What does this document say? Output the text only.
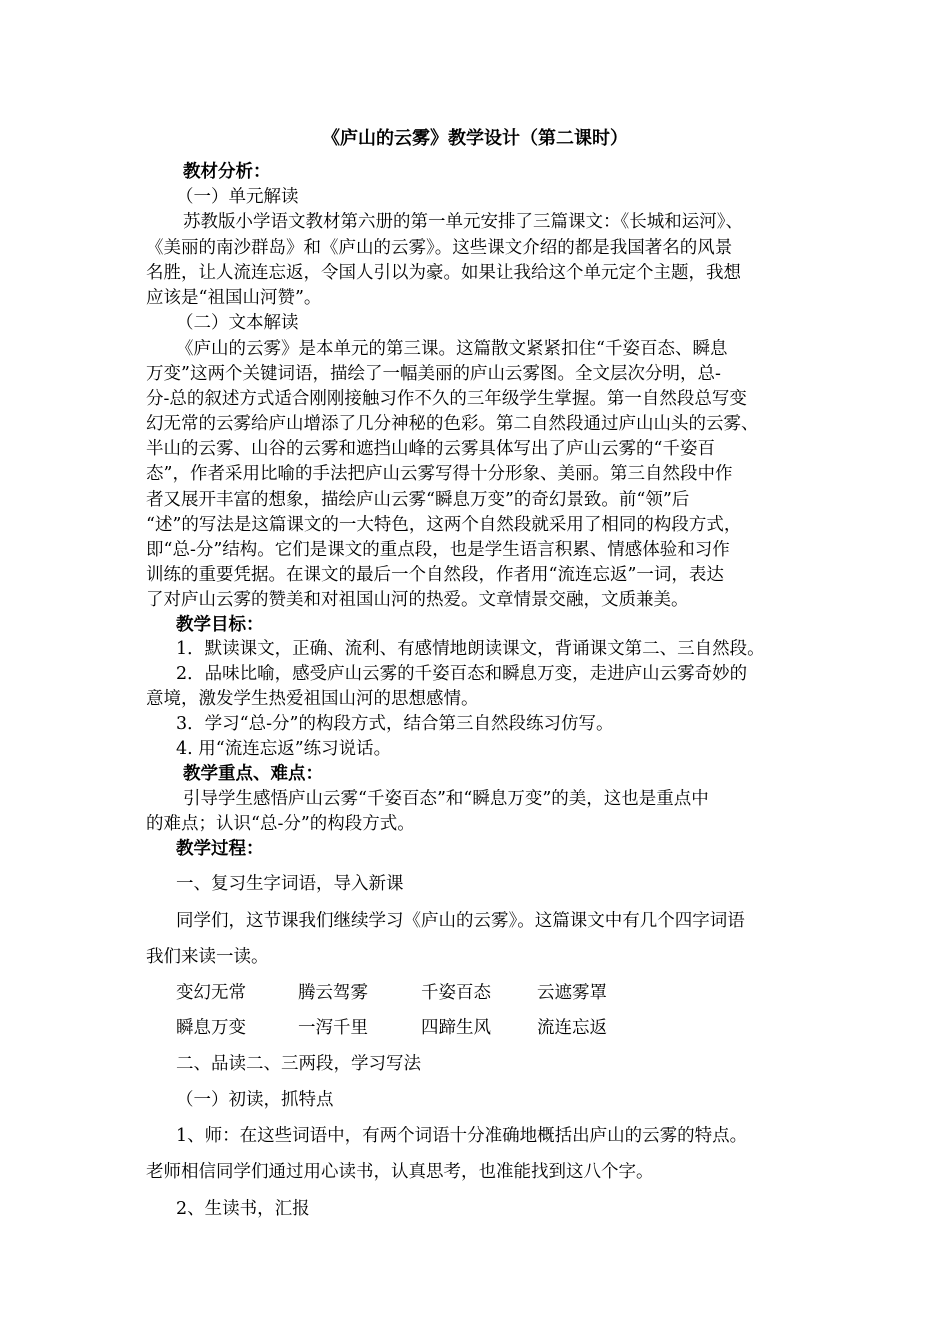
《庐山的云雾》教学设计（第二课时）
教材分析：
（一）单元解读
苏教版小学语文教材第六册的第一单元安排了三篇课文：《长城和运河》、
《美丽的南沙群岛》和《庐山的云雾》。这些课文介绍的都是我国著名的风景
名胜，让人流连忘返，令国人引以为豪。如果让我给这个单元定个主题，我想
应该是“祖国山河赞”。
（二）文本解读
《庐山的云雾》是本单元的第三课。这篇散文紧紧扣住“千姿百态、瞬息
万变”这两个关键词语，描绘了一幅美丽的庐山云雾图。全文层次分明，总-
分-总的叙述方式适合刚刚接触习作不久的三年级学生掌握。第一自然段总写变
幻无常的云雾给庐山增添了几分神秘的色彩。第二自然段通过庐山山头的云雾、
半山的云雾、山谷的云雾和遮挡山峰的云雾具体写出了庐山云雾的“千姿百
态”，作者采用比喻的手法把庐山云雾写得十分形象、美丽。第三自然段中作
者又展开丰富的想象，描绘庐山云雾“瞬息万变”的奇幻景致。前“领”后
“述”的写法是这篇课文的一大特色，这两个自然段就采用了相同的构段方式，
即“总-分”结构。它们是课文的重点段，也是学生语言积累、情感体验和习作
训练的重要凭据。在课文的最后一个自然段，作者用“流连忘返”一词，表达
了对庐山云雾的赞美和对祖国山河的热爱。文章情景交融，文质兼美。
教学目标：
1．默读课文，正确、流利、有感情地朗读课文，背诵课文第二、三自然段。
2．品味比喻，感受庐山云雾的千姿百态和瞬息万变，走进庐山云雾奇妙的
意境，激发学生热爱祖国山河的思想感情。
3．学习“总-分”的构段方式，结合第三自然段练习仿写。
4. 用“流连忘返”练习说话。
教学重点、难点：
引导学生感悟庐山云雾“千姿百态”和“瞬息万变”的美，这也是重点中
的难点；认识“总-分”的构段方式。
教学过程：
一、复习生字词语，导入新课
同学们，这节课我们继续学习《庐山的云雾》。这篇课文中有几个四字词语
我们来读一读。
变幻无常	腾云驾雾	千姿百态	云遮雾罩
瞬息万变	一泻千里	四蹄生风	流连忘返
二、品读二、三两段，学习写法
（一）初读，抓特点
1、师：在这些词语中，有两个词语十分准确地概括出庐山的云雾的特点。
老师相信同学们通过用心读书，认真思考，也准能找到这八个字。
2、生读书，汇报
